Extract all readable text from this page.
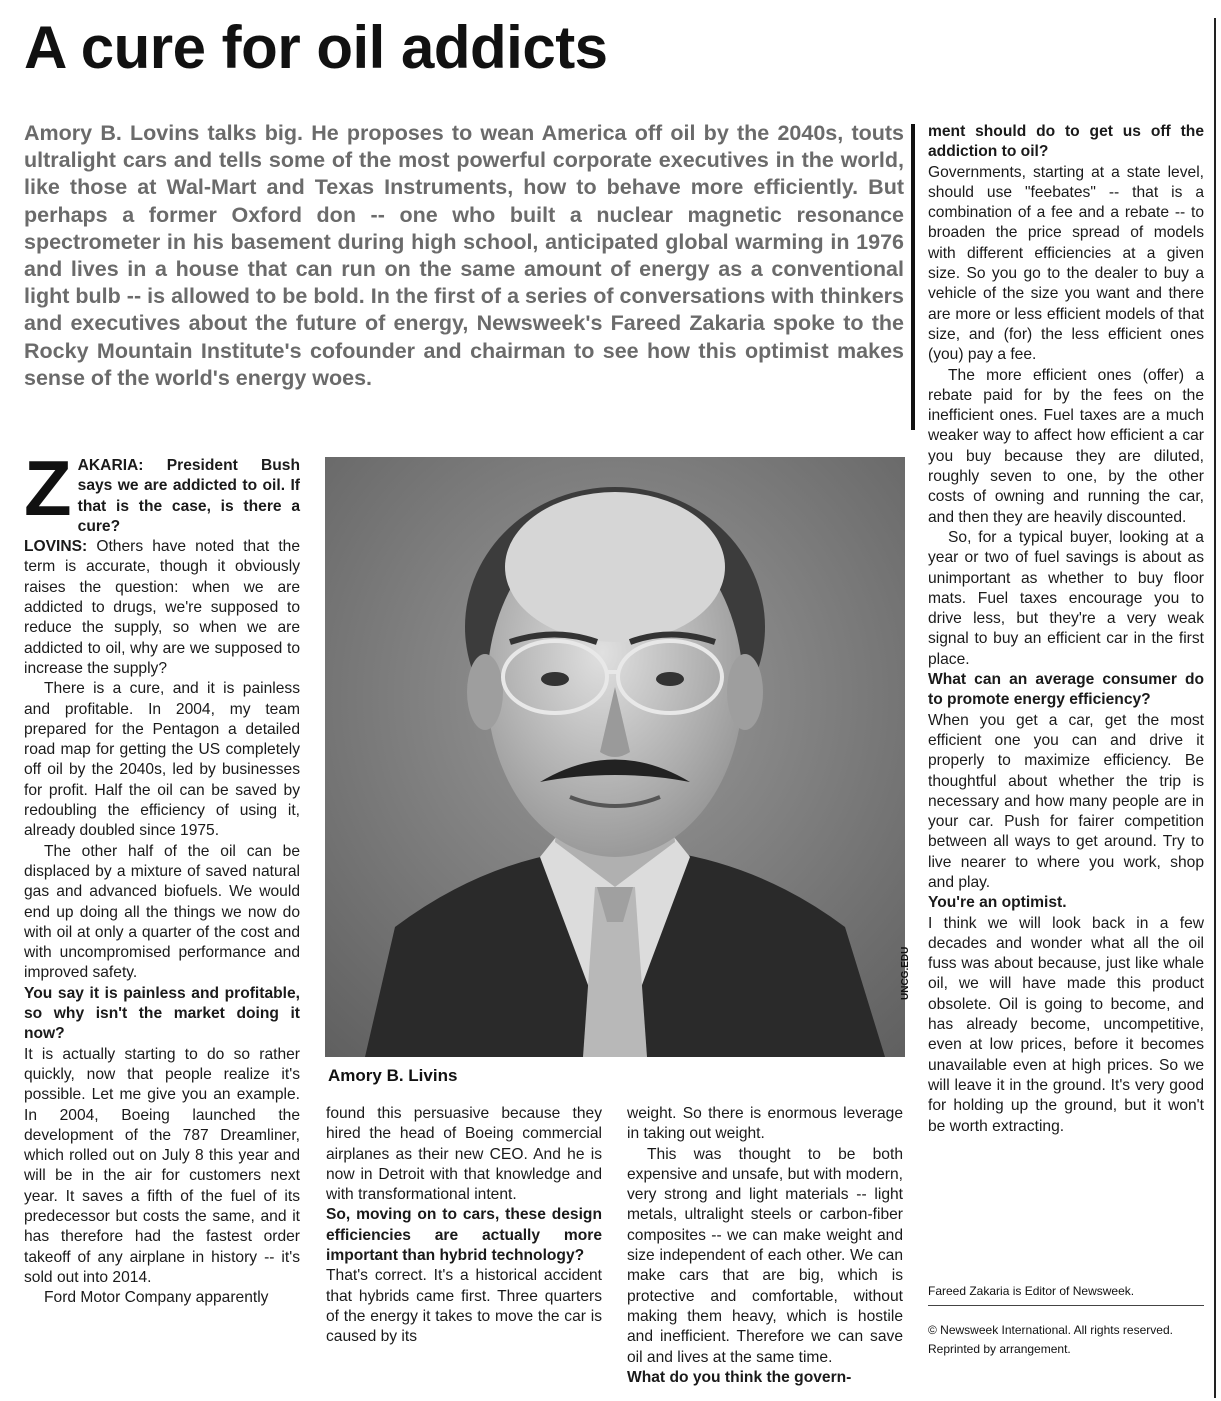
A cure for oil addicts
Amory B. Lovins talks big. He proposes to wean America off oil by the 2040s, touts ultralight cars and tells some of the most powerful corporate executives in the world, like those at Wal-Mart and Texas Instruments, how to behave more efficiently. But perhaps a former Oxford don -- one who built a nuclear magnetic resonance spectrometer in his basement during high school, anticipated global warming in 1976 and lives in a house that can run on the same amount of energy as a conventional light bulb -- is allowed to be bold. In the first of a series of conversations with thinkers and executives about the future of energy, Newsweek's Fareed Zakaria spoke to the Rocky Mountain Institute's cofounder and chairman to see how this optimist makes sense of the world's energy woes.

ZAKARIA: President Bush says we are addicted to oil. If that is the case, is there a cure?

LOVINS: Others have noted that the term is accurate, though it obviously raises the question: when we are addicted to drugs, we're supposed to reduce the supply, so when we are addicted to oil, why are we supposed to increase the supply?

There is a cure, and it is painless and profitable. In 2004, my team prepared for the Pentagon a detailed road map for getting the US completely off oil by the 2040s, led by businesses for profit. Half the oil can be saved by redoubling the efficiency of using it, already doubled since 1975.

The other half of the oil can be displaced by a mixture of saved natural gas and advanced biofuels. We would end up doing all the things we now do with oil at only a quarter of the cost and with uncompromised performance and improved safety.

You say it is painless and profitable, so why isn't the market doing it now?

It is actually starting to do so rather quickly, now that people realize it's possible. Let me give you an example. In 2004, Boeing launched the development of the 787 Dreamliner, which rolled out on July 8 this year and will be in the air for customers next year. It saves a fifth of the fuel of its predecessor but costs the same, and it has therefore had the fastest order takeoff of any airplane in history -- it's sold out into 2014.

Ford Motor Company apparently

UNCG.EDU
Amory B. Livins

found this persuasive because they hired the head of Boeing commercial airplanes as their new CEO. And he is now in Detroit with that knowledge and with transformational intent.

So, moving on to cars, these design efficiencies are actually more important than hybrid technology?

That's correct. It's a historical accident that hybrids came first. Three quarters of the energy it takes to move the car is caused by its

weight. So there is enormous leverage in taking out weight.

This was thought to be both expensive and unsafe, but with modern, very strong and light materials -- light metals, ultralight steels or carbon-fiber composites -- we can make weight and size independent of each other. We can make cars that are big, which is protective and comfortable, without making them heavy, which is hostile and inefficient. Therefore we can save oil and lives at the same time.

What do you think the govern-

ment should do to get us off the addiction to oil?

Governments, starting at a state level, should use "feebates" -- that is a combination of a fee and a rebate -- to broaden the price spread of models with different efficiencies at a given size. So you go to the dealer to buy a vehicle of the size you want and there are more or less efficient models of that size, and (for) the less efficient ones (you) pay a fee.

The more efficient ones (offer) a rebate paid for by the fees on the inefficient ones. Fuel taxes are a much weaker way to affect how efficient a car you buy because they are diluted, roughly seven to one, by the other costs of owning and running the car, and then they are heavily discounted.

So, for a typical buyer, looking at a year or two of fuel savings is about as unimportant as whether to buy floor mats. Fuel taxes encourage you to drive less, but they're a very weak signal to buy an efficient car in the first place.

What can an average consumer do to promote energy efficiency?

When you get a car, get the most efficient one you can and drive it properly to maximize efficiency. Be thoughtful about whether the trip is necessary and how many people are in your car. Push for fairer competition between all ways to get around. Try to live nearer to where you work, shop and play.

You're an optimist.

I think we will look back in a few decades and wonder what all the oil fuss was about because, just like whale oil, we will have made this product obsolete. Oil is going to become, and has already become, uncompetitive, even at low prices, before it becomes unavailable even at high prices. So we will leave it in the ground. It's very good for holding up the ground, but it won't be worth extracting.

Fareed Zakaria is Editor of Newsweek.
© Newsweek International. All rights reserved. Reprinted by arrangement.
